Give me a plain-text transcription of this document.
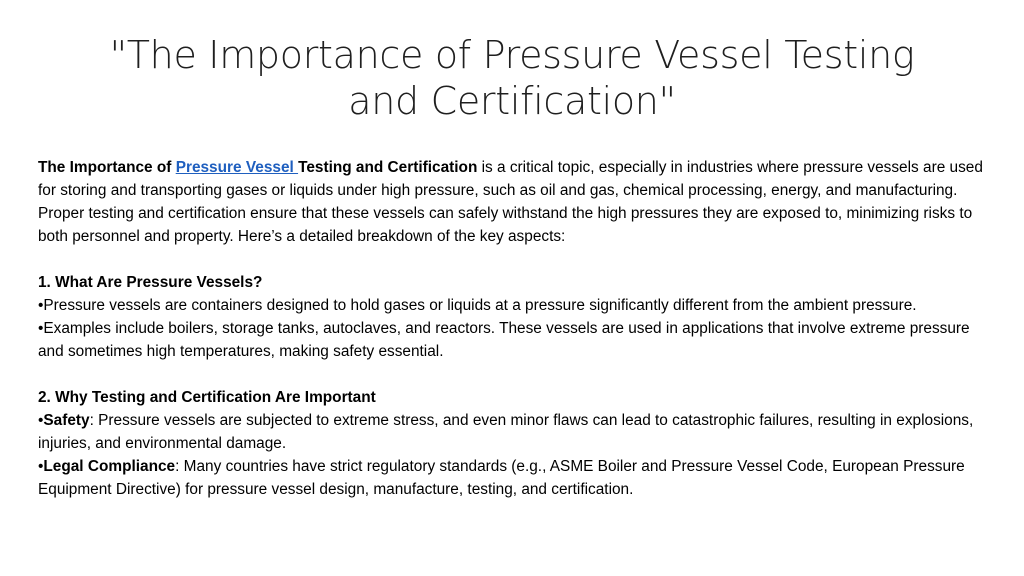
"The Importance of Pressure Vessel Testing
and Certification"

The Importance of Pressure Vessel Testing and Certification is a critical topic, especially in industries where pressure vessels are used for storing and transporting gases or liquids under high pressure, such as oil and gas, chemical processing, energy, and manufacturing. Proper testing and certification ensure that these vessels can safely withstand the high pressures they are exposed to, minimizing risks to both personnel and property. Here’s a detailed breakdown of the key aspects:

1. What Are Pressure Vessels?

•Pressure vessels are containers designed to hold gases or liquids at a pressure significantly different from the ambient pressure.

•Examples include boilers, storage tanks, autoclaves, and reactors. These vessels are used in applications that involve extreme pressure and sometimes high temperatures, making safety essential.

2. Why Testing and Certification Are Important

•Safety: Pressure vessels are subjected to extreme stress, and even minor flaws can lead to catastrophic failures, resulting in explosions, injuries, and environmental damage.

•Legal Compliance: Many countries have strict regulatory standards (e.g., ASME Boiler and Pressure Vessel Code, European Pressure Equipment Directive) for pressure vessel design, manufacture, testing, and certification.
